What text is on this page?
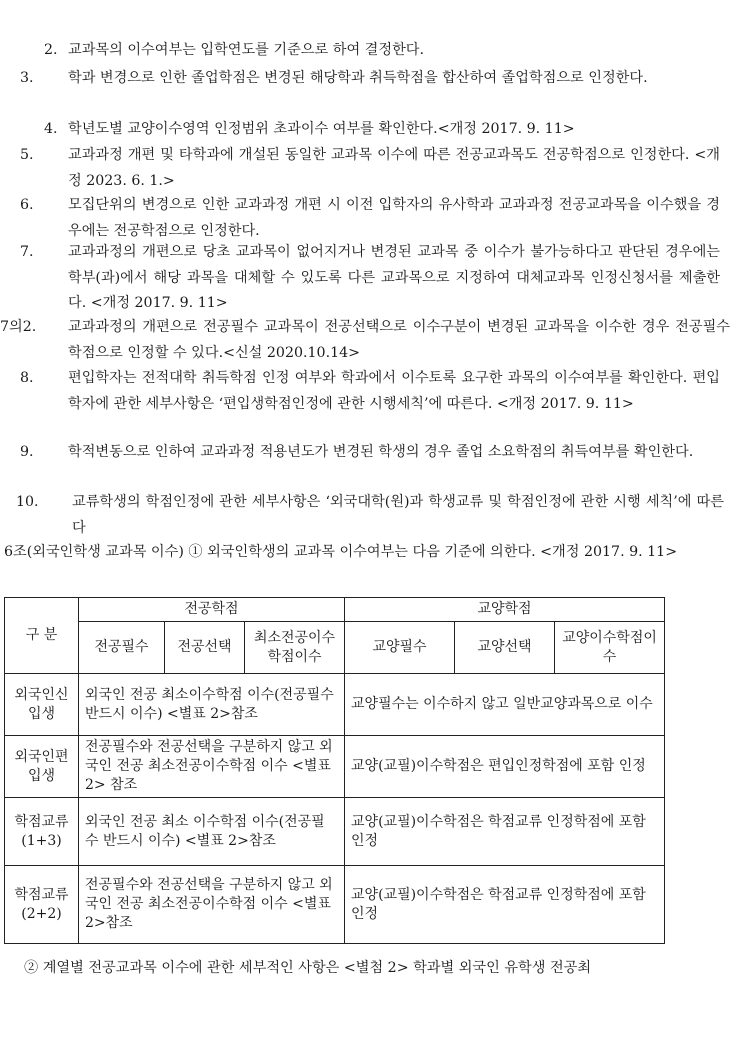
2. 교과목의 이수여부는 입학연도를 기준으로 하여 결정한다.
3. 학과 변경으로 인한 졸업학점은 변경된 해당학과 취득학점을 합산하여 졸업학점으로 인정한다.
4. 학년도별 교양이수영역 인정범위 초과이수 여부를 확인한다.<개정 2017. 9. 11>
5. 교과과정 개편 및 타학과에 개설된 동일한 교과목 이수에 따른 전공교과목도 전공학점으로 인정한다. <개정 2023. 6. 1.>
6. 모집단위의 변경으로 인한 교과과정 개편 시 이전 입학자의 유사학과 교과과정 전공교과목을 이수했을 경우에는 전공학점으로 인정한다.
7. 교과과정의 개편으로 당초 교과목이 없어지거나 변경된 교과목 중 이수가 불가능하다고 판단된 경우에는 학부(과)에서 해당 과목을 대체할 수 있도록 다른 교과목으로 지정하여 대체교과목 인정신청서를 제출한다. <개정 2017. 9. 11>
7의2. 교과과정의 개편으로 전공필수 교과목이 전공선택으로 이수구분이 변경된 교과목을 이수한 경우 전공필수 학점으로 인정할 수 있다.<신설 2020.10.14>
8. 편입학자는 전적대학 취득학점 인정 여부와 학과에서 이수토록 요구한 과목의 이수여부를 확인한다. 편입학자에 관한 세부사항은 ‘편입생학점인정에 관한 시행세칙’에 따른다. <개정 2017. 9. 11>
9. 학적변동으로 인하여 교과과정 적용년도가 변경된 학생의 경우 졸업 소요학점의 취득여부를 확인한다.
10. 교류학생의 학점인정에 관한 세부사항은 ‘외국대학(원)과 학생교류 및 학점인정에 관한 시행 세칙’에 따른다
6조(외국인학생 교과목 이수) ① 외국인학생의 교과목 이수여부는 다음 기준에 의한다. <개정 2017. 9. 11>
구 분	전공학점			교양학점		
	전공필수	전공선택	최소전공이수학점이수	교양필수	교양선택	교양이수학점이수
외국인신입생	외국인 전공 최소이수학점 이수(전공필수 반드시 이수) <별표 2>참조			교양필수는 이수하지 않고 일반교양과목으로 이수		
외국인편입생	전공필수와 전공선택을 구분하지 않고 외국인 전공 최소전공이수학점 이수 <별표 2> 참조			교양(교필)이수학점은 편입인정학점에 포함 인정		
학점교류(1+3)	외국인 전공 최소 이수학점 이수(전공필수 반드시 이수) <별표 2>참조			교양(교필)이수학점은 학점교류 인정학점에 포함 인정		
학점교류(2+2)	전공필수와 전공선택을 구분하지 않고 외국인 전공 최소전공이수학점 이수 <별표 2>참조			교양(교필)이수학점은 학점교류 인정학점에 포함 인정		
② 계열별 전공교과목 이수에 관한 세부적인 사항은 <별첨 2> 학과별 외국인 유학생 전공최
